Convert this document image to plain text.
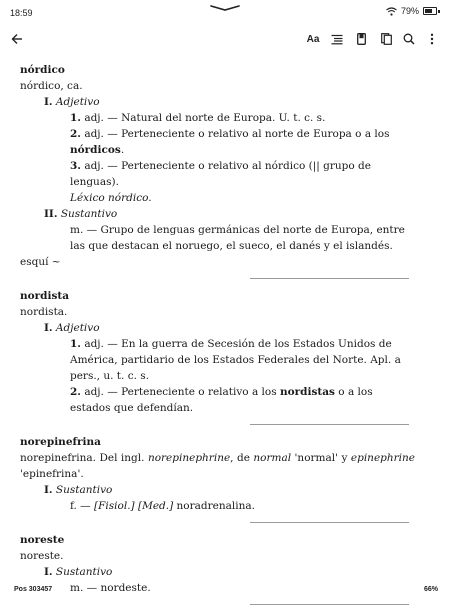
18:59	79%
Aa
nórdico
nórdico, ca.
I. Adjetivo
1. adj. — Natural del norte de Europa. U. t. c. s.
2. adj. — Perteneciente o relativo al norte de Europa o a los nórdicos.
3. adj. — Perteneciente o relativo al nórdico (|| grupo de lenguas).
Léxico nórdico.
II. Sustantivo
m. — Grupo de lenguas germánicas del norte de Europa, entre las que destacan el noruego, el sueco, el danés y el islandés.
esquí ~
nordista
nordista.
I. Adjetivo
1. adj. — En la guerra de Secesión de los Estados Unidos de América, partidario de los Estados Federales del Norte. Apl. a pers., u. t. c. s.
2. adj. — Perteneciente o relativo a los nordistas o a los estados que defendían.
norepinefrina
norepinefrina. Del ingl. norepinephrine, de normal 'normal' y epinephrine 'epinefrina'.
I. Sustantivo
f. — [Fisiol.] [Med.] noradrenalina.
noreste
noreste.
I. Sustantivo
m. — nordeste.
Pos 303457	66%
